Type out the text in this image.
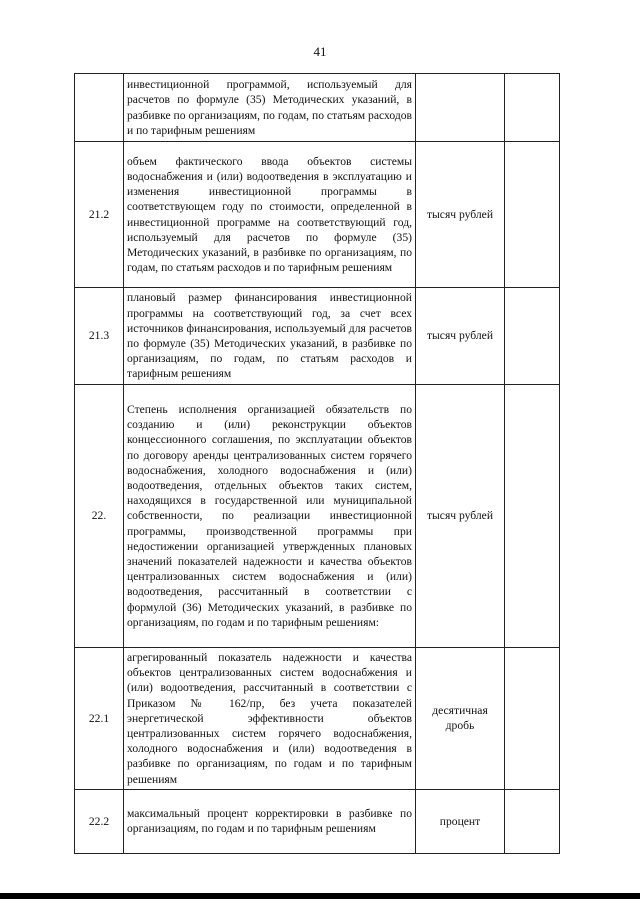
41
	инвестиционной программой, используемый для расчетов по формуле (35) Методических указаний, в разбивке по организациям, по годам, по статьям расходов и по тарифным решениям		
21.2	объем фактического ввода объектов системы водоснабжения и (или) водоотведения в эксплуатацию и изменения инвестиционной программы в соответствующем году по стоимости, определенной в инвестиционной программе на соответствующий год, используемый для расчетов по формуле (35) Методических указаний, в разбивке по организациям, по годам, по статьям расходов и по тарифным решениям	тысяч рублей	
21.3	плановый размер финансирования инвестиционной программы на соответствующий год, за счет всех источников финансирования, используемый для расчетов по формуле (35) Методических указаний, в разбивке по организациям, по годам, по статьям расходов и тарифным решениям	тысяч рублей	
22.	Степень исполнения организацией обязательств по созданию и (или) реконструкции объектов концессионного соглашения, по эксплуатации объектов по договору аренды централизованных систем горячего водоснабжения, холодного водоснабжения и (или) водоотведения, отдельных объектов таких систем, находящихся в государственной или муниципальной собственности, по реализации инвестиционной программы, производственной программы при недостижении организацией утвержденных плановых значений показателей надежности и качества объектов централизованных систем водоснабжения и (или) водоотведения, рассчитанный в соответствии с формулой (36) Методических указаний, в разбивке по организациям, по годам и по тарифным решениям:	тысяч рублей	
22.1	агрегированный показатель надежности и качества объектов централизованных систем водоснабжения и (или) водоотведения, рассчитанный в соответствии с Приказом № 162/пр, без учета показателей энергетической эффективности объектов централизованных систем горячего водоснабжения, холодного водоснабжения и (или) водоотведения в разбивке по организациям, по годам и по тарифным решениям	десятичная дробь	
22.2	максимальный процент корректировки в разбивке по организациям, по годам и по тарифным решениям	процент	
